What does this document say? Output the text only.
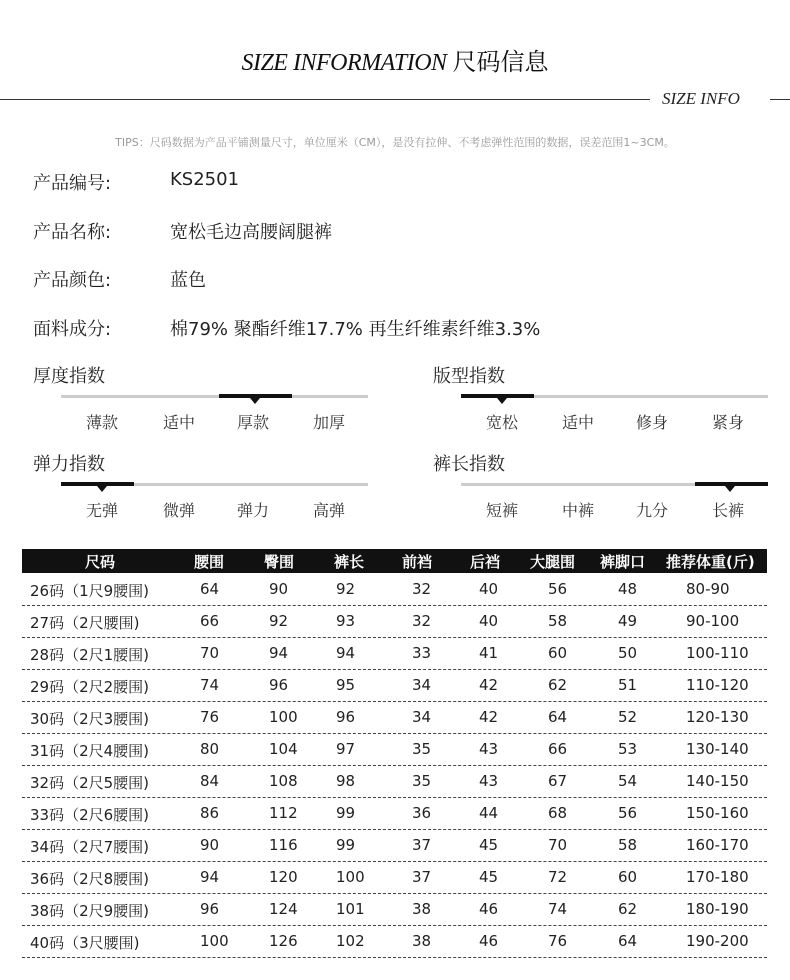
SIZE INFORMATION 尺码信息
SIZE INFO
TIPS：尺码数据为产品平铺测量尺寸，单位厘米（CM），是没有拉伸、不考虑弹性范围的数据，误差范围1~3CM。
产品编号:	KS2501
产品名称:	宽松毛边高腰阔腿裤
产品颜色:	蓝色
面料成分:	棉79% 聚酯纤维17.7% 再生纤维素纤维3.3%
厚度指数
薄款	适中	厚款	加厚
版型指数
宽松	适中	修身	紧身
弹力指数
无弹	微弹	弹力	高弹
裤长指数
短裤	中裤	九分	长裤
尺码	腰围	臀围	裤长	前裆	后裆 大腿围 裤脚口 推荐体重(斤)
26码（1尺9腰围)	64	90	92	32	40	56	48	80-90
27码（2尺腰围)	66	92	93	32	40	58	49	90-100
28码（2尺1腰围)	70	94	94	33	41	60	50	100-110
29码（2尺2腰围)	74	96	95	34	42	62	51	110-120
30码（2尺3腰围)	76	100	96	34	42	64	52	120-130
31码（2尺4腰围)	80	104	97	35	43	66	53	130-140
32码（2尺5腰围)	84	108	98	35	43	67	54	140-150
33码（2尺6腰围)	86	112	99	36	44	68	56	150-160
34码（2尺7腰围)	90	116	99	37	45	70	58	160-170
36码（2尺8腰围)	94	120	100	37	45	72	60	170-180
38码（2尺9腰围)	96	124	101	38	46	74	62	180-190
40码（3尺腰围)	100	126	102	38	46	76	64	190-200
